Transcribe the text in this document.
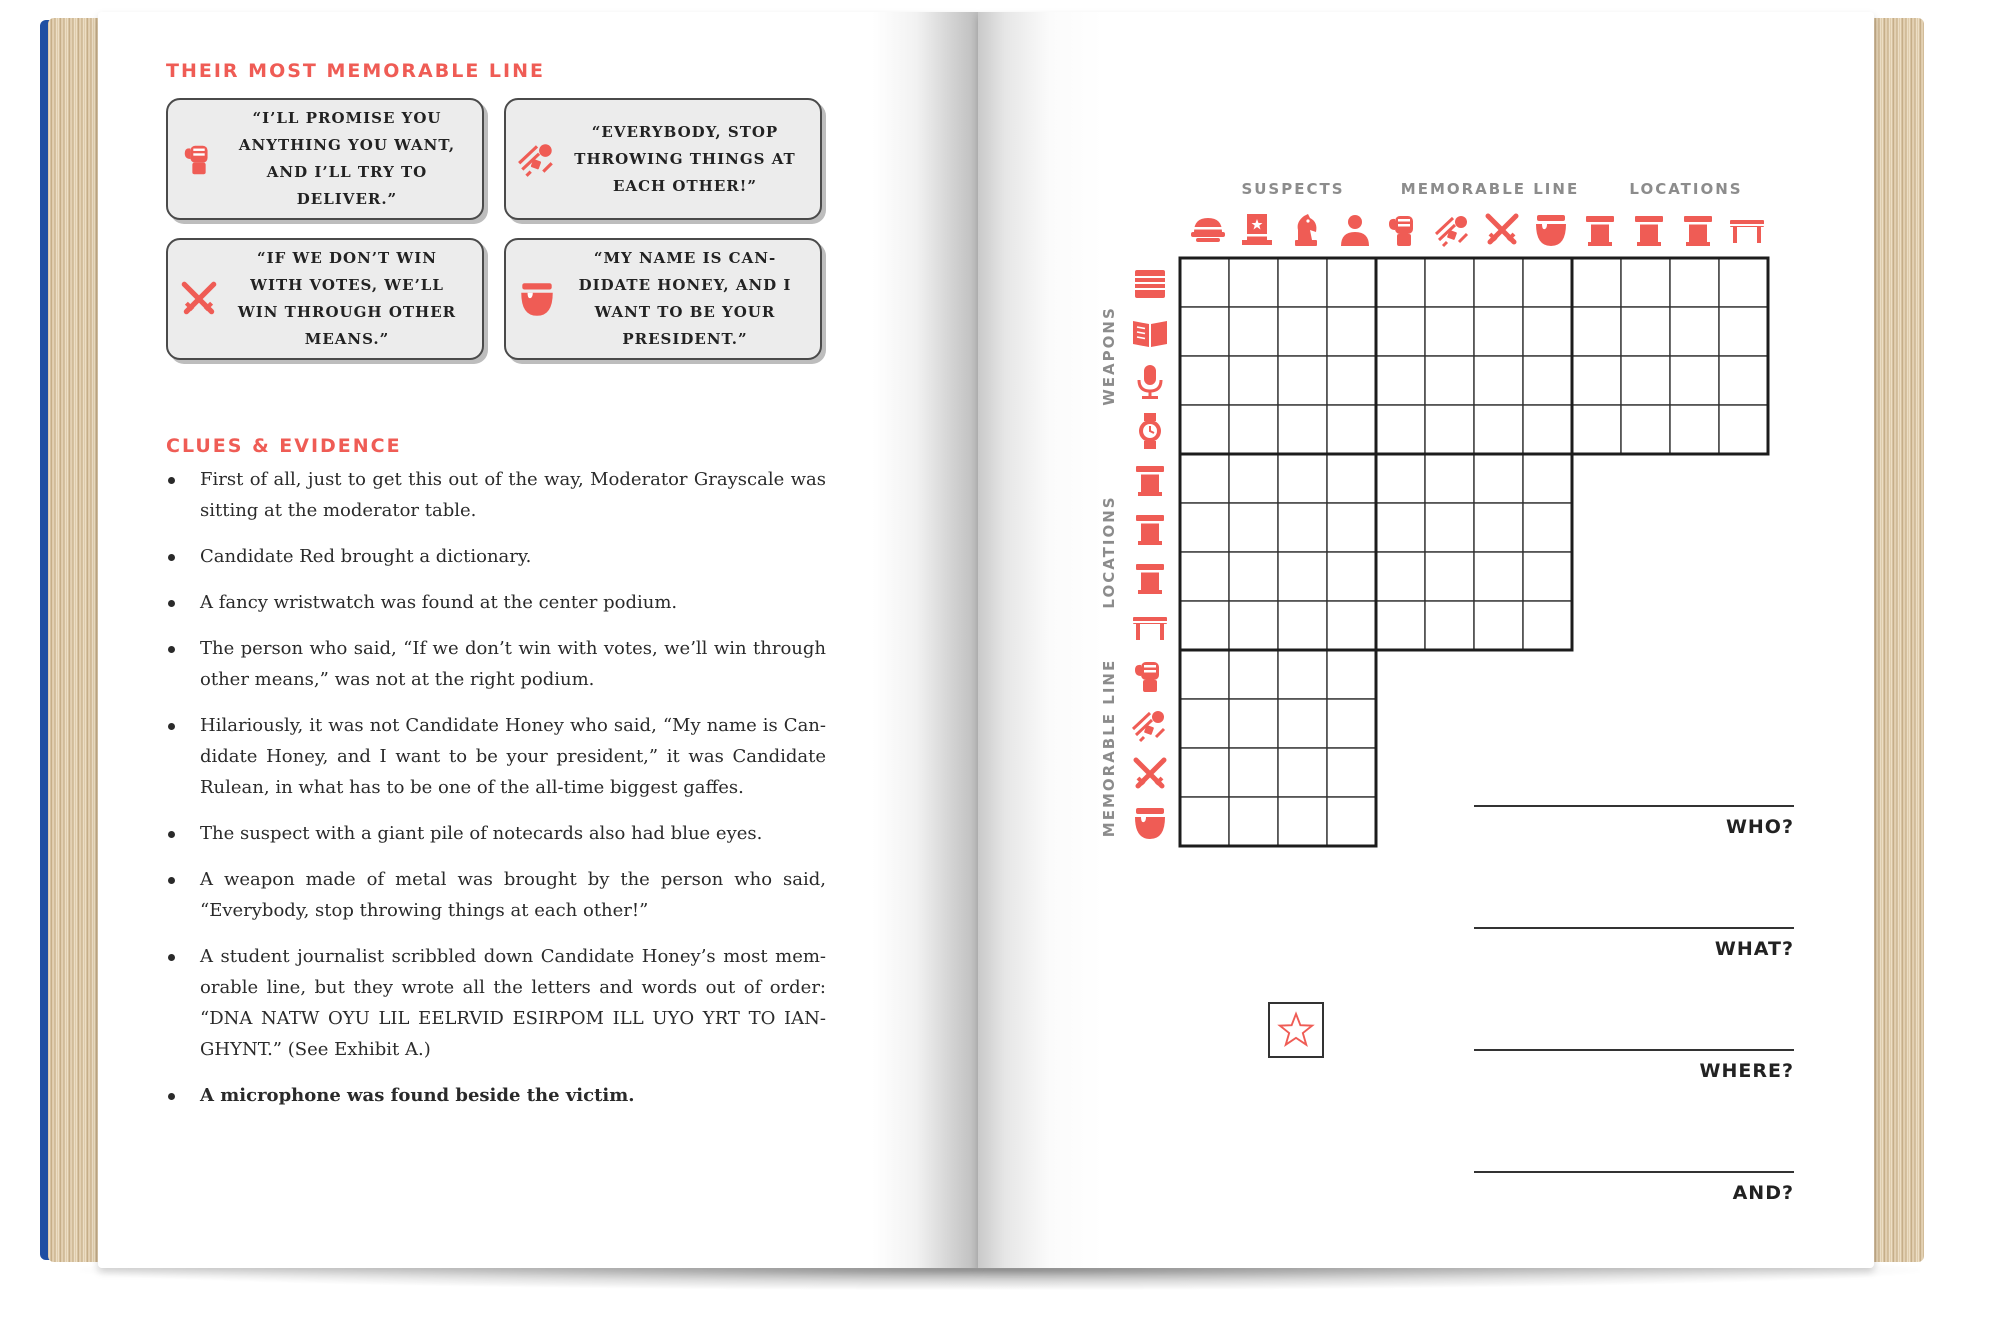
THEIR MOST MEMORABLE LINE
“I’LL PROMISE YOU ANYTHING YOU WANT, AND I’LL TRY TO DELIVER.”
“EVERYBODY, STOP THROWING THINGS AT EACH OTHER!”
“IF WE DON’T WIN WITH VOTES, WE’LL WIN THROUGH OTHER MEANS.”
“MY NAME IS CAN-DIDATE HONEY, AND I WANT TO BE YOUR PRESIDENT.”
CLUES & EVIDENCE
First of all, just to get this out of the way, Moderator Grayscale was sitting at the moderator table.
Candidate Red brought a dictionary.
A fancy wristwatch was found at the center podium.
The person who said, “If we don’t win with votes, we’ll win through other means,” was not at the right podium.
Hilariously, it was not Candidate Honey who said, “My name is Can-didate Honey, and I want to be your president,” it was Candidate Rulean, in what has to be one of the all-time biggest gaffes.
The suspect with a giant pile of notecards also had blue eyes.
A weapon made of metal was brought by the person who said, “Everybody, stop throwing things at each other!”
A student journalist scribbled down Candidate Honey’s most mem-orable line, but they wrote all the letters and words out of order: “DNA NATW OYU LIL EELRVID ESIRPOM ILL UYO YRT TO IAN-GHYNT.” (See Exhibit A.)
A microphone was found beside the victim.
SUSPECTS	MEMORABLE LINE	LOCATIONS
WEAPONS
LOCATIONS
MEMORABLE LINE	WHO?
WHAT?
WHERE?
AND?
